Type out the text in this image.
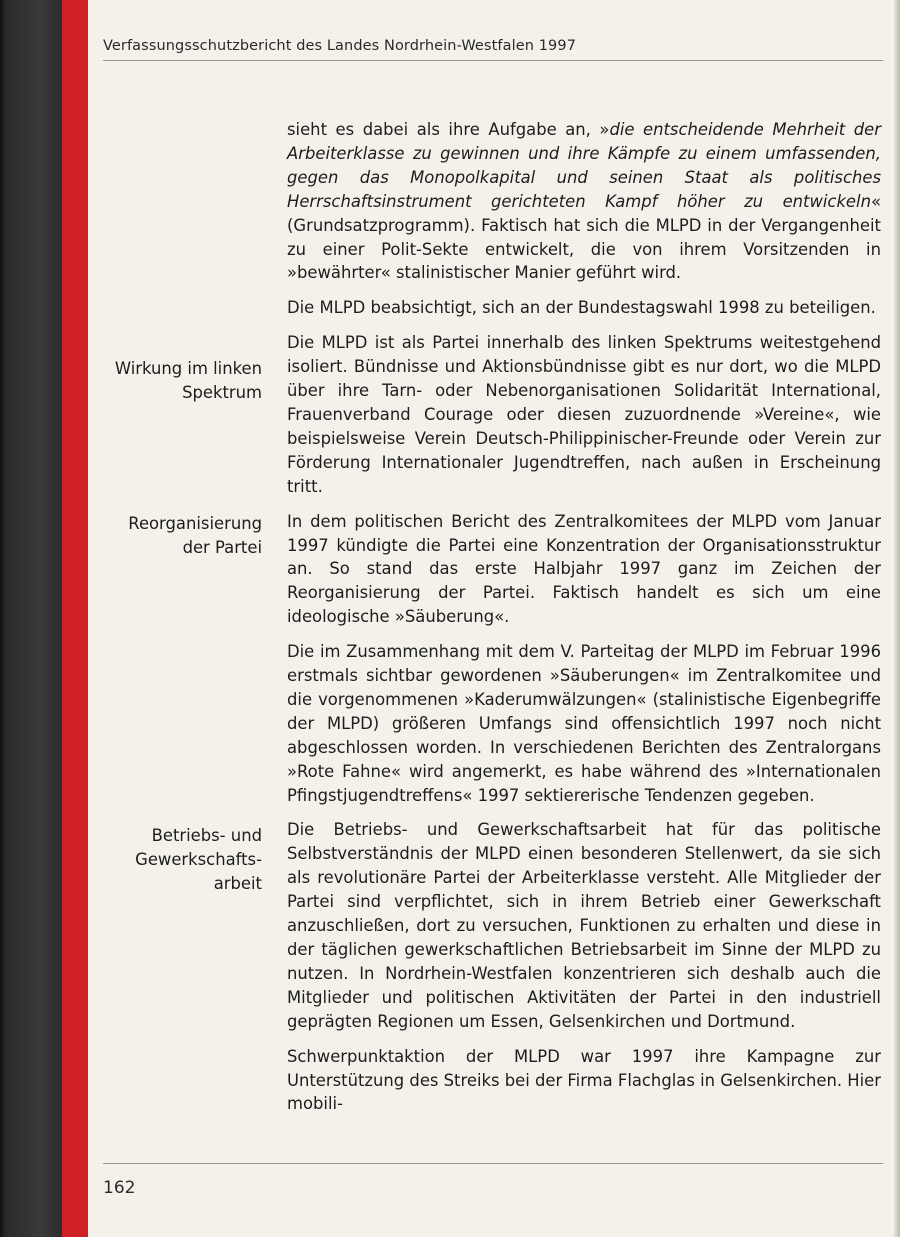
Verfassungsschutzbericht des Landes Nordrhein-Westfalen 1997
Wirkung im linken Spektrum
Reorganisierung der Partei
Betriebs- und Gewerkschafts- arbeit

sieht es dabei als ihre Aufgabe an, »die entscheidende Mehrheit der Arbeiterklasse zu gewinnen und ihre Kämpfe zu einem umfassenden, gegen das Monopolkapital und seinen Staat als politisches Herrschaftsinstrument gerichteten Kampf höher zu entwickeln« (Grundsatzprogramm). Faktisch hat sich die MLPD in der Vergangenheit zu einer Polit-Sekte entwickelt, die von ihrem Vorsitzenden in »bewährter« stalinistischer Manier geführt wird.

Die MLPD beabsichtigt, sich an der Bundestagswahl 1998 zu beteiligen.

Die MLPD ist als Partei innerhalb des linken Spektrums weitestgehend isoliert. Bündnisse und Aktionsbündnisse gibt es nur dort, wo die MLPD über ihre Tarn- oder Nebenorganisationen Solidarität International, Frauenverband Courage oder diesen zuzuordnende »Vereine«, wie beispielsweise Verein Deutsch-Philippinischer-Freunde oder Verein zur Förderung Internationaler Jugendtreffen, nach außen in Erscheinung tritt.

In dem politischen Bericht des Zentralkomitees der MLPD vom Januar 1997 kündigte die Partei eine Konzentration der Organisationsstruktur an. So stand das erste Halbjahr 1997 ganz im Zeichen der Reorganisierung der Partei. Faktisch handelt es sich um eine ideologische »Säuberung«.

Die im Zusammenhang mit dem V. Parteitag der MLPD im Februar 1996 erstmals sichtbar gewordenen »Säuberungen« im Zentralkomitee und die vorgenommenen »Kaderumwälzungen« (stalinistische Eigenbegriffe der MLPD) größeren Umfangs sind offensichtlich 1997 noch nicht abgeschlossen worden. In verschiedenen Berichten des Zentralorgans »Rote Fahne« wird angemerkt, es habe während des »Internationalen Pfingstjugendtreffens« 1997 sektiererische Tendenzen gegeben.

Die Betriebs- und Gewerkschaftsarbeit hat für das politische Selbstverständnis der MLPD einen besonderen Stellenwert, da sie sich als revolutionäre Partei der Arbeiterklasse versteht. Alle Mitglieder der Partei sind verpflichtet, sich in ihrem Betrieb einer Gewerkschaft anzuschließen, dort zu versuchen, Funktionen zu erhalten und diese in der täglichen gewerkschaftlichen Betriebsarbeit im Sinne der MLPD zu nutzen. In Nordrhein-Westfalen konzentrieren sich deshalb auch die Mitglieder und politischen Aktivitäten der Partei in den industriell geprägten Regionen um Essen, Gelsenkirchen und Dortmund.

Schwerpunktaktion der MLPD war 1997 ihre Kampagne zur Unterstützung des Streiks bei der Firma Flachglas in Gelsenkirchen. Hier mobili-

162
